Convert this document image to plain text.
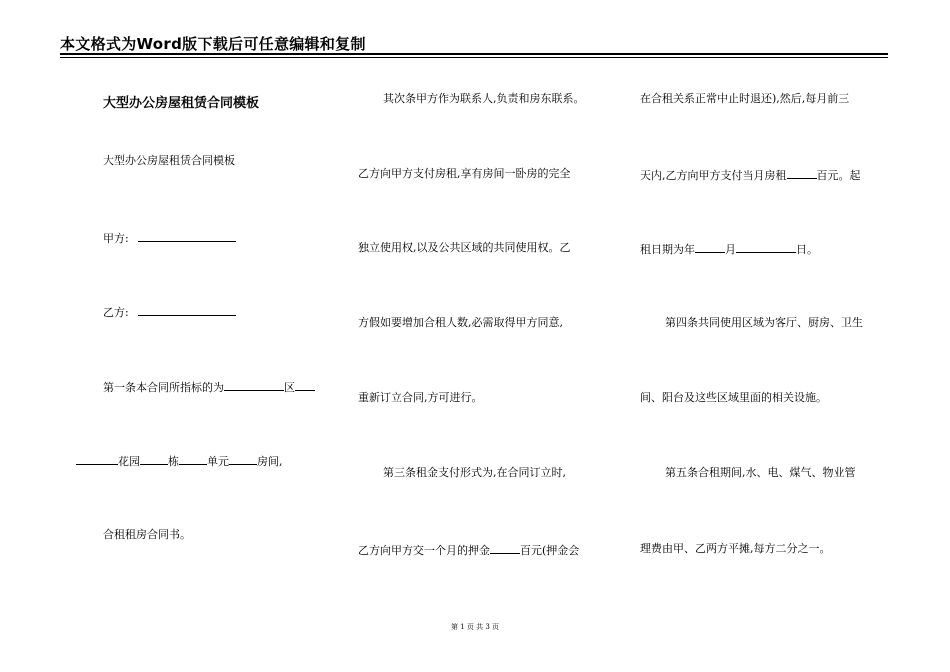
本文格式为Word版下载后可任意编辑和复制
大型办公房屋租赁合同模板
大型办公房屋租赁合同模板
甲方:
乙方:
第一条本合同所指标的为	区
花园	栋	单元	房间,
合租租房合同书。
其次条甲方作为联系人,负责和房东联系。
乙方向甲方支付房租,享有房间一卧房的完全
独立使用权,以及公共区域的共同使用权。乙
方假如要增加合租人数,必需取得甲方同意,
重新订立合同,方可进行。
第三条租金支付形式为,在合同订立时,
乙方向甲方交一个月的押金	百元(押金会
在合租关系正常中止时退还),然后,每月前三
天内,乙方向甲方支付当月房租	百元。起
租日期为年	月	日。
第四条共同使用区域为客厅、厨房、卫生
间、阳台及这些区域里面的相关设施。
第五条合租期间,水、电、煤气、物业管
理费由甲、乙两方平摊,每方二分之一。
第 1 页 共 3 页
